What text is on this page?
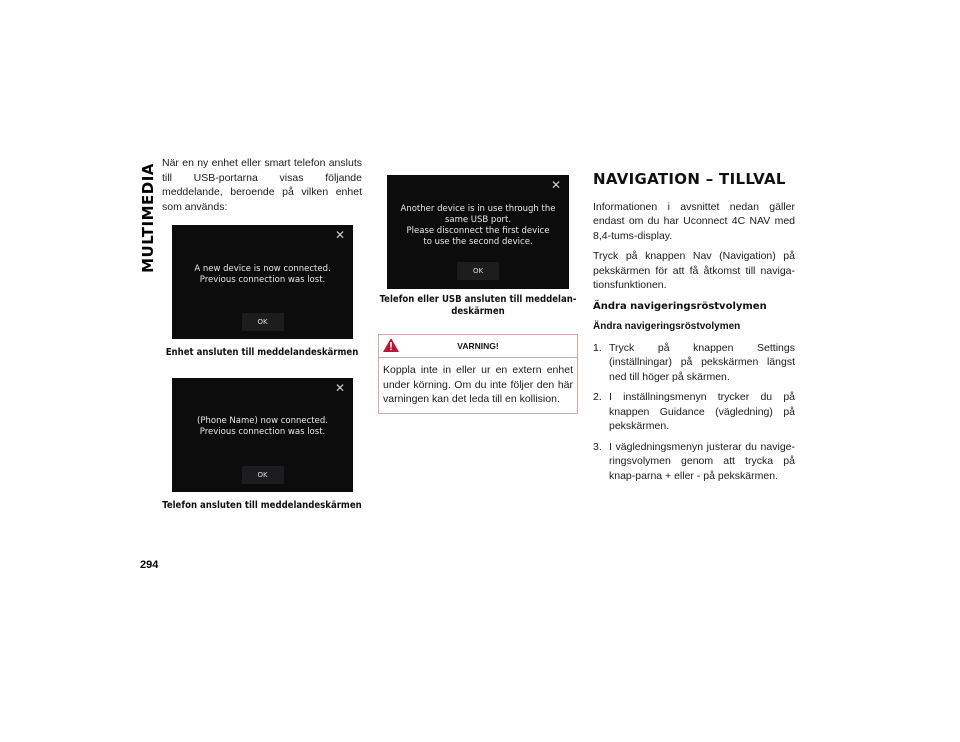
MULTIMEDIA

När en ny enhet eller smart telefon ansluts till USB-portarna visas följande meddelande, beroende på vilken enhet som används:

✕
A new device is now connected.
Previous connection was lost.
OK
Enhet ansluten till meddelandeskärmen
✕
(Phone Name) now connected.
Previous connection was lost.
OK
Telefon ansluten till meddelandeskärmen
✕
Another device is in use through the
same USB port.
Please disconnect the first device
to use the second device.
OK
Telefon eller USB ansluten till meddelan-
deskärmen
VARNING!
Koppla inte in eller ur en extern enhet under körning. Om du inte följer den här varningen kan det leda till en kollision.
NAVIGATION – TILLVAL

Informationen i avsnittet nedan gäller endast om du har Uconnect 4C NAV med 8,4-tums-display.

Tryck på knappen Nav (Navigation) på pekskärmen för att få åtkomst till naviga-tionsfunktionen.

Ändra navigeringsröstvolymen
Ändra navigeringsröstvolymen
1. Tryck på knappen Settings (inställningar) på pekskärmen längst ned till höger på skärmen.
2. I inställningsmenyn trycker du på knappen Guidance (vägledning) på pekskärmen.
3. I vägledningsmenyn justerar du navige-ringsvolymen genom att trycka på knap-parna + eller - på pekskärmen.
294
